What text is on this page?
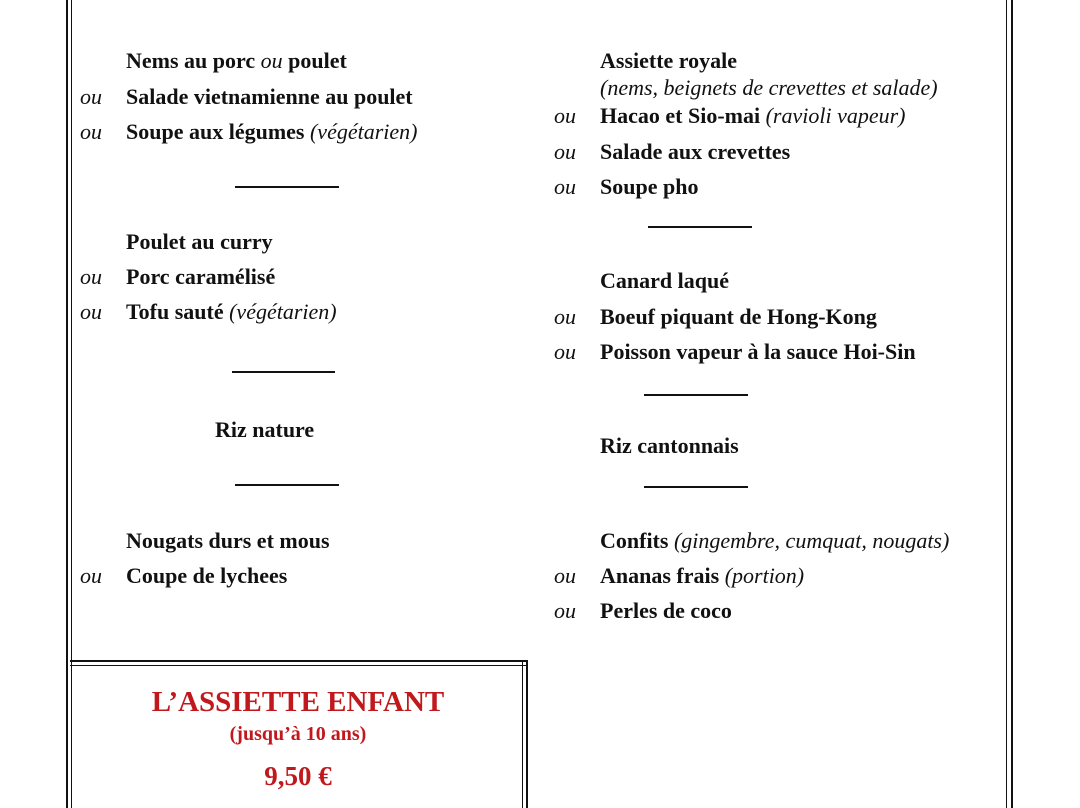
Nems au porc ou poulet
ou Salade vietnamienne au poulet
ou Soupe aux légumes (végétarien)
Poulet au curry
ou Porc caramélisé
ou Tofu sauté (végétarien)
Riz nature
Nougats durs et mous
ou Coupe de lychees
Assiette royale
(nems, beignets de crevettes et salade)
ou Hacao et Sio-mai (ravioli vapeur)
ou Salade aux crevettes
ou Soupe pho
Canard laqué
ou Boeuf piquant de Hong-Kong
ou Poisson vapeur à la sauce Hoi-Sin
Riz cantonnais
Confits (gingembre, cumquat, nougats)
ou Ananas frais (portion)
ou Perles de coco
L’ASSIETTE ENFANT
(jusqu’à 10 ans)
9,50 €
